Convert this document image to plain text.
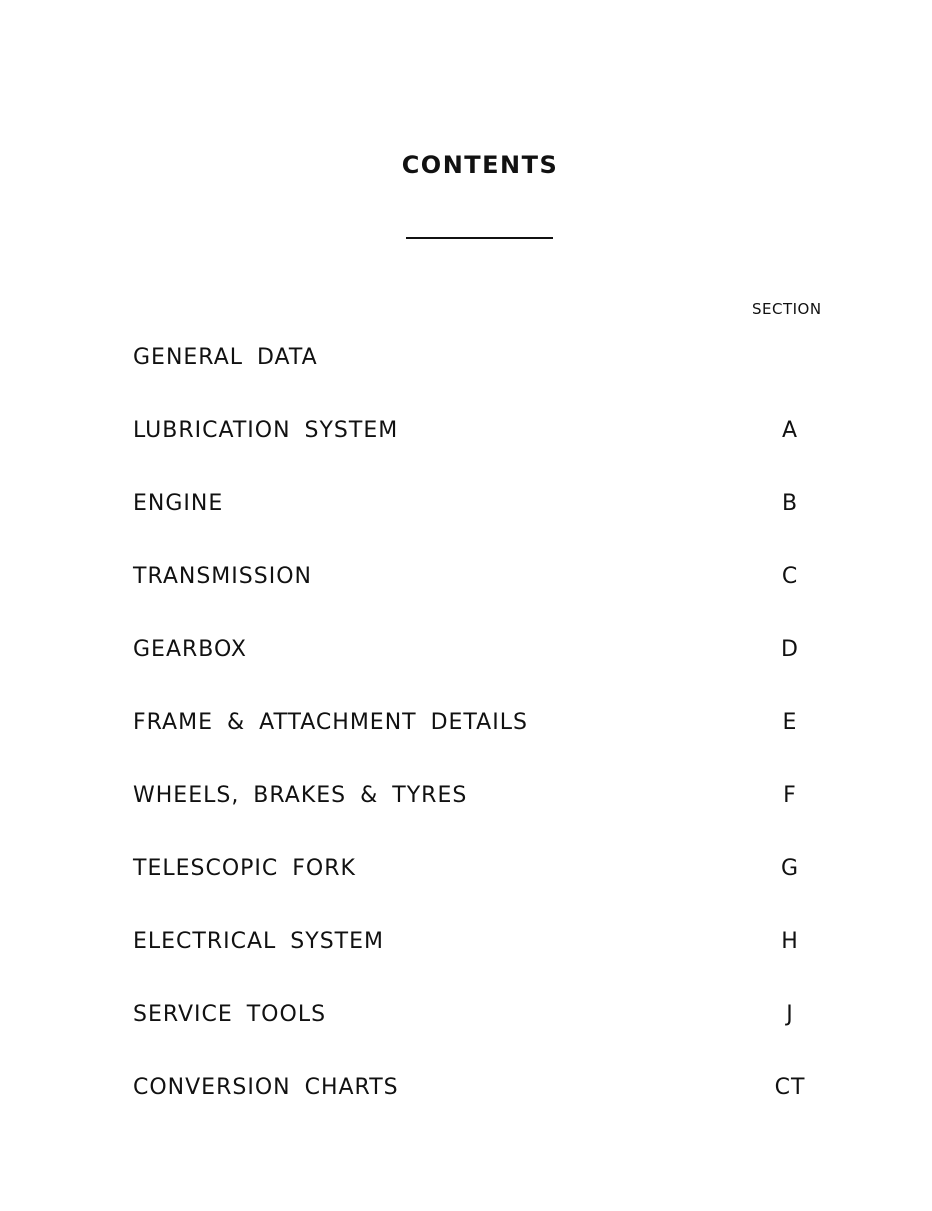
CONTENTS
SECTION
GENERAL DATA
LUBRICATION SYSTEM	A
ENGINE	B
TRANSMISSION	C
GEARBOX	D
FRAME & ATTACHMENT DETAILS	E
WHEELS, BRAKES & TYRES	F
TELESCOPIC FORK	G
ELECTRICAL SYSTEM	H
SERVICE TOOLS	J
CONVERSION CHARTS	CT
